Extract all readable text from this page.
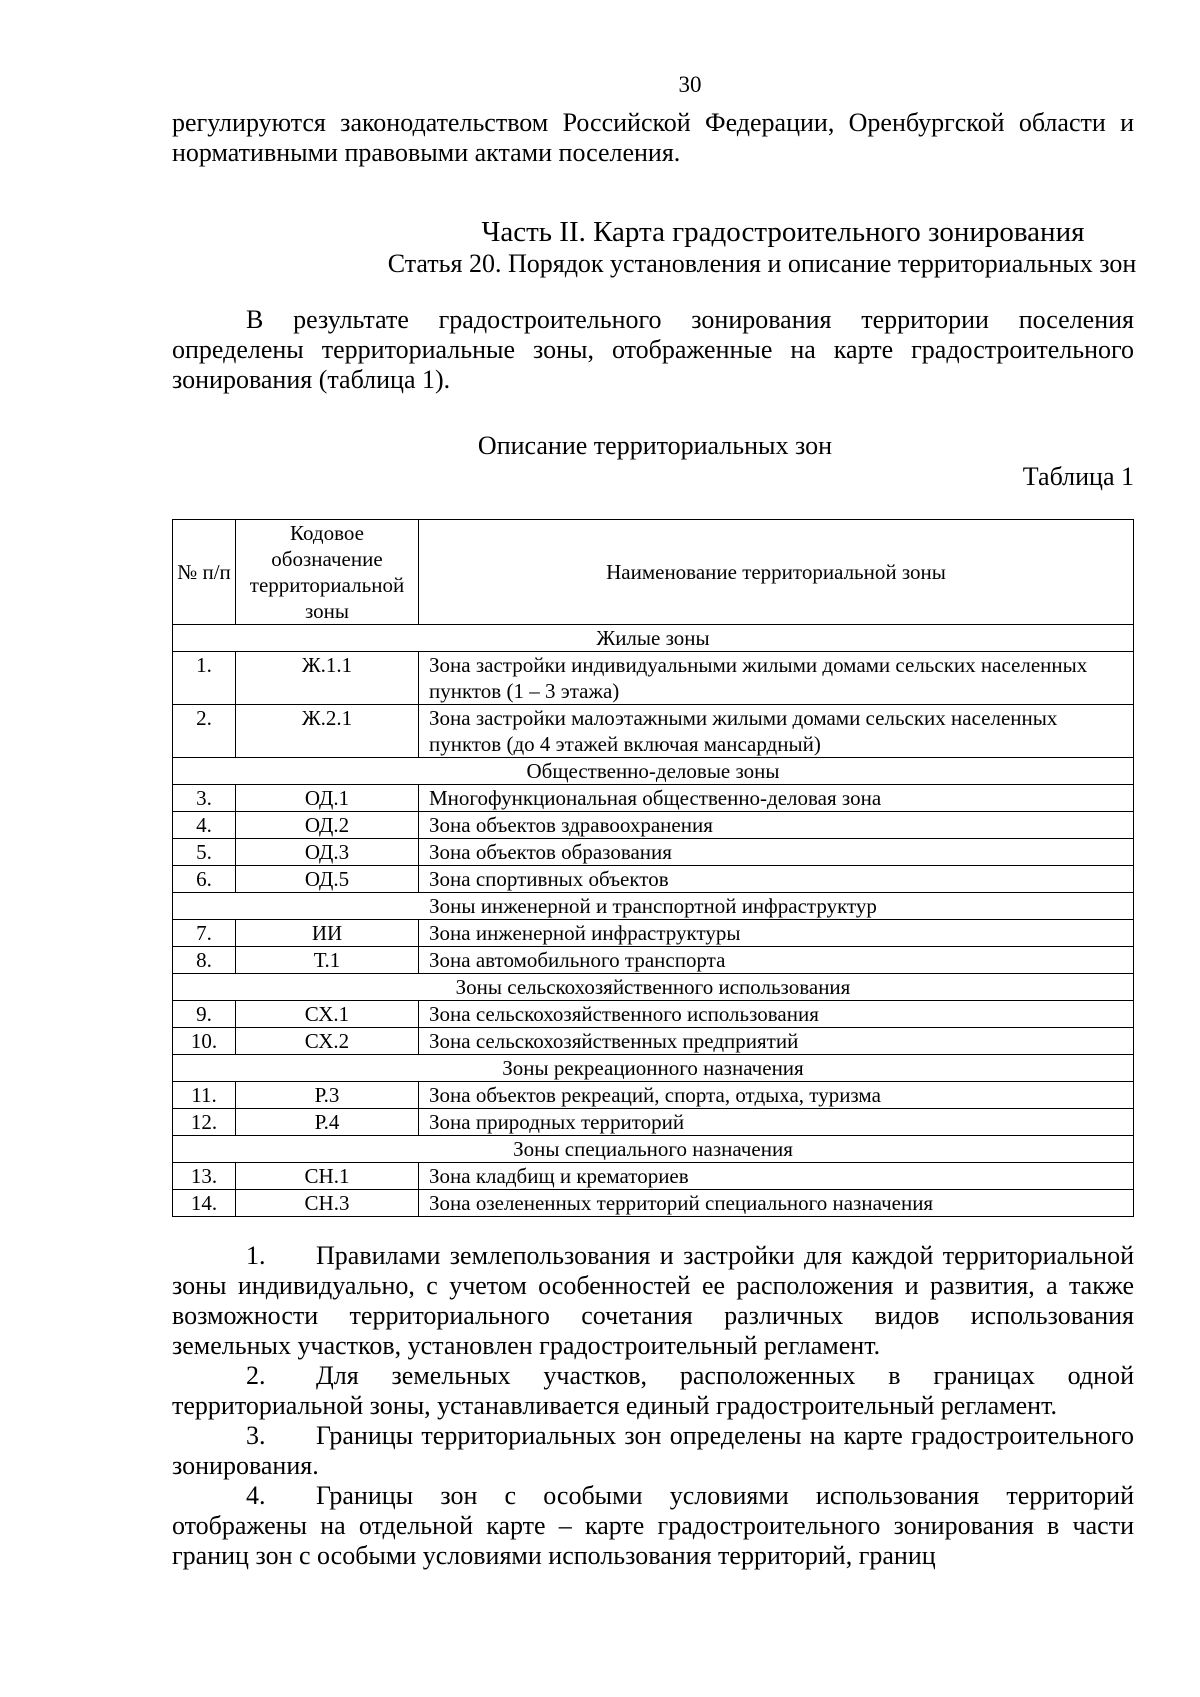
30

регулируются законодательством Российской Федерации, Оренбургской области и нормативными правовыми актами поселения.

Часть II. Карта градостроительного зонирования
Статья 20. Порядок установления и описание территориальных зон

В результате градостроительного зонирования территории поселения определены территориальные зоны, отображенные на карте градостроительного зонирования (таблица 1).

Описание территориальных зон
Таблица 1
№ п/п	Кодовое обозначение территориальной зоны	Наименование территориальной зоны
Жилые зоны		
1.	Ж.1.1	Зона застройки индивидуальными жилыми домами сельских населенных пунктов (1 – 3 этажа)
2.	Ж.2.1	Зона застройки малоэтажными жилыми домами сельских населенных пунктов (до 4 этажей включая мансардный)
Общественно-деловые зоны		
3.	ОД.1	Многофункциональная общественно-деловая зона
4.	ОД.2	Зона объектов здравоохранения
5.	ОД.3	Зона объектов образования
6.	ОД.5	Зона спортивных объектов
Зоны инженерной и транспортной инфраструктур		
7.	ИИ	Зона инженерной инфраструктуры
8.	Т.1	Зона автомобильного транспорта
Зоны сельскохозяйственного использования		
9.	СХ.1	Зона сельскохозяйственного использования
10.	СХ.2	Зона сельскохозяйственных предприятий
Зоны рекреационного назначения		
11.	Р.3	Зона объектов рекреаций, спорта, отдыха, туризма
12.	Р.4	Зона природных территорий
Зоны специального назначения		
13.	СН.1	Зона кладбищ и крематориев
14.	СН.3	Зона озелененных территорий специального назначения

1. Правилами землепользования и застройки для каждой территориальной зоны индивидуально, с учетом особенностей ее расположения и развития, а также возможности территориального сочетания различных видов использования земельных участков, установлен градостроительный регламент.

2. Для земельных участков, расположенных в границах одной территориальной зоны, устанавливается единый градостроительный регламент.

3. Границы территориальных зон определены на карте градостроительного зонирования.

4. Границы зон с особыми условиями использования территорий отображены на отдельной карте – карте градостроительного зонирования в части границ зон с особыми условиями использования территорий, границ
